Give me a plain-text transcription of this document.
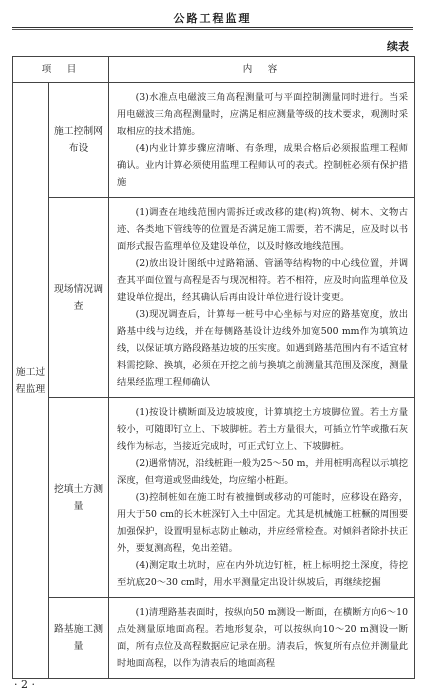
公路工程监理
续表
项　目		内　容
施工过程监理	施工控制网布设	(3)水准点电磁波三角高程测量可与平面控制测量同时进行。当采用电磁波三角高程测量时，应满足相应测量等级的技术要求，观测时采取相应的技术措施。

(4)内业计算步骤应清晰、有条理，成果合格后必须报监理工程师确认。业内计算必须使用监理工程师认可的表式。控制桩必须有保护措施

	现场情况调查	(1)调查在地线范围内需拆迁或改移的建(构)筑物、树木、文物古迹、各类地下管线等的位置是否满足施工需要，若不满足，应及时以书面形式报告监理单位及建设单位，以及时修改地线范围。

(2)放出设计图纸中过路箱涵、管涵等结构物的中心线位置，并调查其平面位置与高程是否与现况相符。若不相符，应及时向监理单位及建设单位提出，经其确认后再由设计单位进行设计变更。

(3)现况调查后，计算每一桩号中心坐标与对应的路基宽度，放出路基中线与边线，并在每侧路基设计边线外加宽500 mm作为填筑边线，以保证填方路段路基边坡的压实度。如遇到路基范围内有不适宜材料需挖除、换填，必须在开挖之前与换填之前测量其范围及深度，测量结果经监理工程师确认

	挖填土方测量	(1)按设计横断面及边坡坡度，计算填挖土方坡脚位置。若土方量较小，可随即钉立上、下坡脚桩。若土方量很大，可插立竹竿或撒石灰线作为标志，当接近完成时，可正式钉立上、下坡脚桩。

(2)遇常情况，沿线桩距一般为25～50 m，并用桩明高程以示填挖深度，但弯道或竖曲线处，均应缩小桩距。

(3)控制桩如在施工时有被撞倒或移动的可能时，应移设在路旁，用大于50 cm的长木桩深钉入土中固定。尤其是机械施工桩橛的周围要加强保护，设置明显标志防止触动，并应经常检查。对倾斜者除扑扶正外，要复测高程，免出差错。

(4)测定取土坑时，应在内外坑边钉桩，桩上标明挖土深度，待挖至坑底20～30 cm时，用水平测量定出设计纵坡后，再继续挖掘

	路基施工测量	(1)清理路基表面时，按纵向50 m测设一断面，在横断方向6～10点处测量原地面高程。若地形复杂，可以按纵向10～20 m测设一断面，所有点位及高程数据应记录在册。清表后，恢复所有点位并测量此时地面高程，以作为清表后的地面高程

· 2 ·
